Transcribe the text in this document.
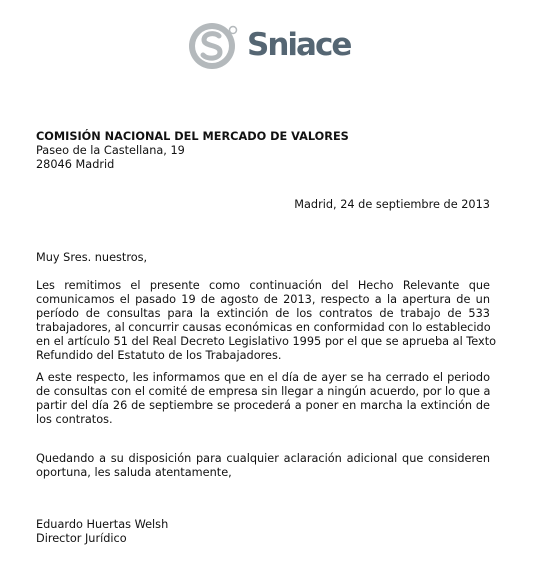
Sniace
COMISIÓN NACIONAL DEL MERCADO DE VALORES
Paseo de la Castellana, 19
28046 Madrid
Madrid, 24 de septiembre de 2013
Muy Sres. nuestros,
Les remitimos el presente como continuación del Hecho Relevante que
comunicamos el pasado 19 de agosto de 2013, respecto a la apertura de un
período de consultas para la extinción de los contratos de trabajo de 533
trabajadores, al concurrir causas económicas en conformidad con lo establecido
en el artículo 51 del Real Decreto Legislativo 1995 por el que se aprueba al Texto
Refundido del Estatuto de los Trabajadores.
A este respecto, les informamos que en el día de ayer se ha cerrado el periodo
de consultas con el comité de empresa sin llegar a ningún acuerdo, por lo que a
partir del día 26 de septiembre se procederá a poner en marcha la extinción de
los contratos.
Quedando a su disposición para cualquier aclaración adicional que consideren
oportuna, les saluda atentamente,
Eduardo Huertas Welsh
Director Jurídico
